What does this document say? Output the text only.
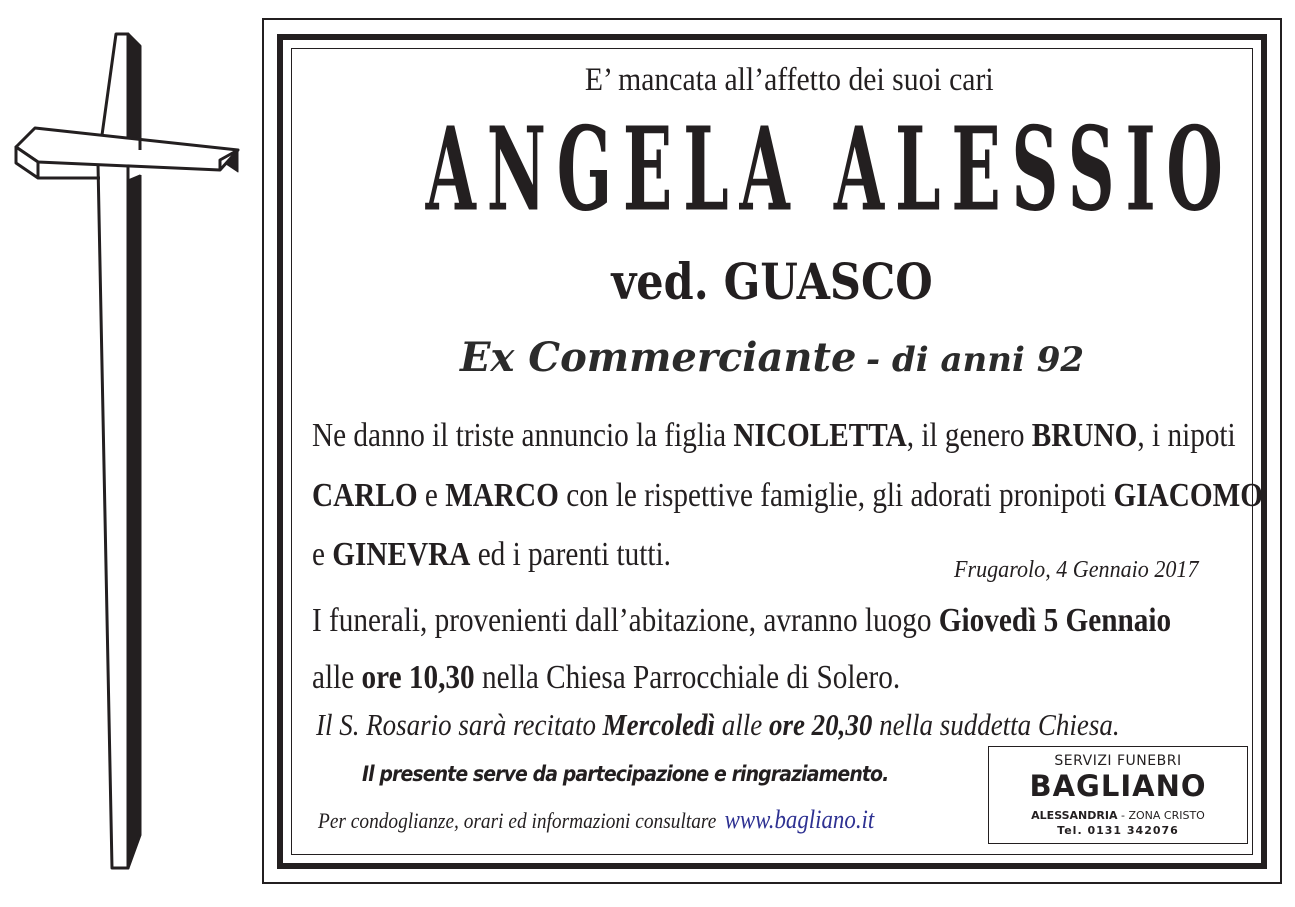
E’ mancata all’affetto dei suoi cari
ANGELA ALESSIO
ved. GUASCO
Ex Commerciante - di anni 92
Ne danno il triste annuncio la figlia NICOLETTA, il genero BRUNO, i nipoti
CARLO e MARCO con le rispettive famiglie, gli adorati pronipoti GIACOMO
e GINEVRA ed i parenti tutti.	Frugarolo, 4 Gennaio 2017
I funerali, provenienti dall’abitazione, avranno luogo Giovedì 5 Gennaio
alle ore 10,30 nella Chiesa Parrocchiale di Solero.
Il S. Rosario sarà recitato Mercoledì alle ore 20,30 nella suddetta Chiesa.
Il presente serve da partecipazione e ringraziamento.
Per condoglianze, orari ed informazioni consultare www.bagliano.it
SERVIZI FUNEBRI
BAGLIANO
ALESSANDRIA - ZONA CRISTO
Tel. 0131 342076
